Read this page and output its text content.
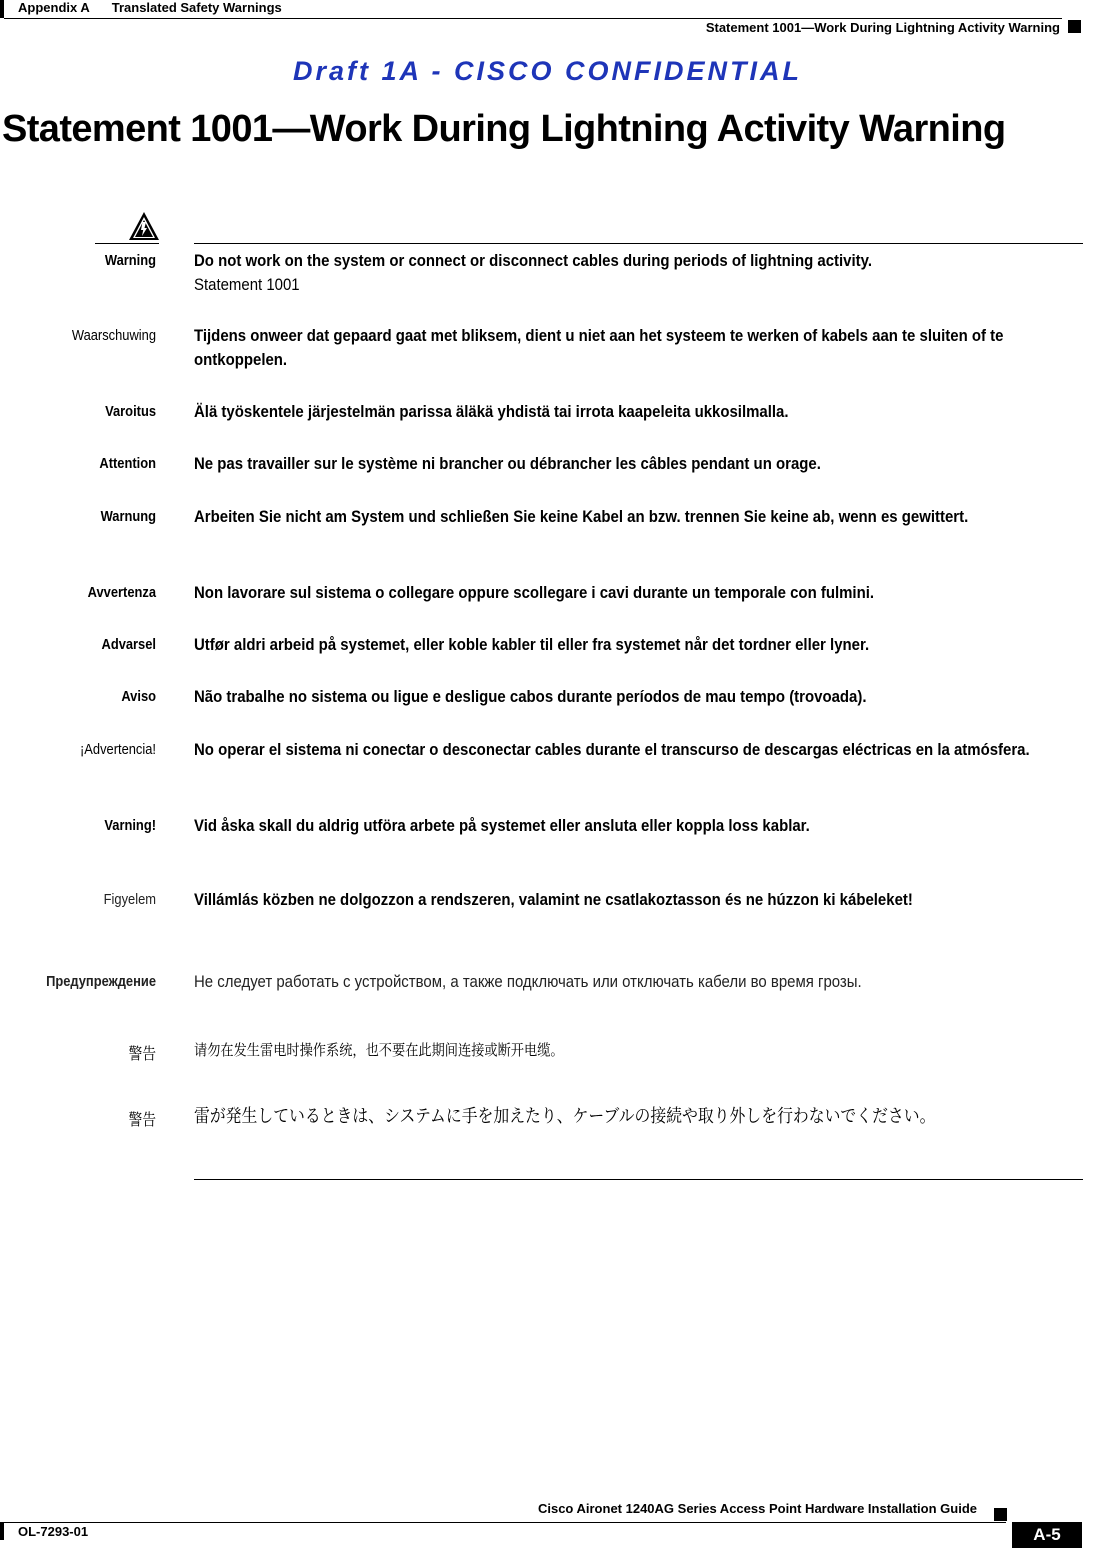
Appendix A Translated Safety Warnings
Statement 1001—Work During Lightning Activity Warning
Draft 1A - CISCO CONFIDENTIAL
Statement 1001—Work During Lightning Activity Warning
Warning Do not work on the system or connect or disconnect cables during periods of lightning activity.
Statement 1001
Waarschuwing Tijdens onweer dat gepaard gaat met bliksem, dient u niet aan het systeem te werken of kabels aan te sluiten of te ontkoppelen.
Varoitus Älä työskentele järjestelmän parissa äläkä yhdistä tai irrota kaapeleita ukkosilmalla.
Attention Ne pas travailler sur le système ni brancher ou débrancher les câbles pendant un orage.
Warnung Arbeiten Sie nicht am System und schließen Sie keine Kabel an bzw. trennen Sie keine ab, wenn es gewittert.
Avvertenza Non lavorare sul sistema o collegare oppure scollegare i cavi durante un temporale con fulmini.
Advarsel Utfør aldri arbeid på systemet, eller koble kabler til eller fra systemet når det tordner eller lyner.
Aviso Não trabalhe no sistema ou ligue e desligue cabos durante períodos de mau tempo (trovoada).
¡Advertencia! No operar el sistema ni conectar o desconectar cables durante el transcurso de descargas eléctricas en la atmósfera.
Varning! Vid åska skall du aldrig utföra arbete på systemet eller ansluta eller koppla loss kablar.
Figyelem Villámlás közben ne dolgozzon a rendszeren, valamint ne csatlakoztasson és ne húzzon ki kábeleket!
Предупреждение Не следует работать с устройством, а также подключать или отключать кабели во время грозы.
警告	请勿在发生雷电时操作系统，也不要在此期间连接或断开电缆。
警告 雷が発生しているときは、システムに手を加えたり、ケーブルの接続や取り外しを行わないでください。
Cisco Aironet 1240AG Series Access Point Hardware Installation Guide
OL-7293-01	A-5
